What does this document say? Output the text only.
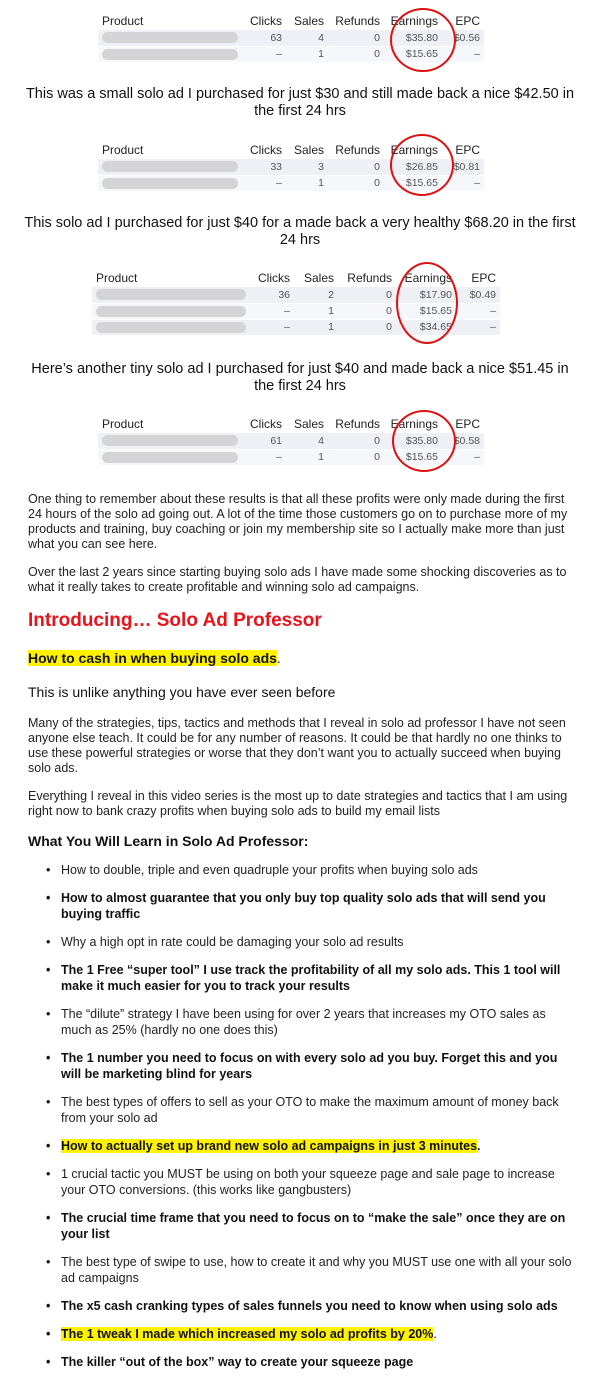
Product	Clicks	Sales	Refunds	Earnings	EPC
	63	4	0	$35.80	$0.56
	–	1	0	$15.65	–
This was a small solo ad I purchased for just $30 and still made back a nice $42.50 in the first 24 hrs
Product	Clicks	Sales	Refunds	Earnings	EPC
	33	3	0	$26.85	$0.81
	–	1	0	$15.65	–
This solo ad I purchased for just $40 for a made back a very healthy $68.20 in the first 24 hrs
Product	Clicks	Sales	Refunds	Earnings	EPC
	36	2	0	$17.90	$0.49
	–	1	0	$15.65	–
	–	1	0	$34.65	–
Here’s another tiny solo ad I purchased for just $40 and made back a nice $51.45 in the first 24 hrs
Product	Clicks	Sales	Refunds	Earnings	EPC
	61	4	0	$35.80	$0.58
	–	1	0	$15.65	–

One thing to remember about these results is that all these profits were only made during the first 24 hours of the solo ad going out. A lot of the time those customers go on to purchase more of my products and training, buy coaching or join my membership site so I actually make more than just what you can see here.

Over the last 2 years since starting buying solo ads I have made some shocking discoveries as to what it really takes to create profitable and winning solo ad campaigns.

Introducing… Solo Ad Professor

How to cash in when buying solo ads.

This is unlike anything you have ever seen before

Many of the strategies, tips, tactics and methods that I reveal in solo ad professor I have not seen anyone else teach. It could be for any number of reasons. It could be that hardly no one thinks to use these powerful strategies or worse that they don’t want you to actually succeed when buying solo ads.

Everything I reveal in this video series is the most up to date strategies and tactics that I am using right now to bank crazy profits when buying solo ads to build my email lists

What You Will Learn in Solo Ad Professor:
• How to double, triple and even quadruple your profits when buying solo ads
• How to almost guarantee that you only buy top quality solo ads that will send you buying traffic
• Why a high opt in rate could be damaging your solo ad results
• The 1 Free “super tool” I use track the profitability of all my solo ads. This 1 tool will make it much easier for you to track your results
• The “dilute” strategy I have been using for over 2 years that increases my OTO sales as much as 25% (hardly no one does this)
• The 1 number you need to focus on with every solo ad you buy. Forget this and you will be marketing blind for years
• The best types of offers to sell as your OTO to make the maximum amount of money back from your solo ad
• How to actually set up brand new solo ad campaigns in just 3 minutes.
• 1 crucial tactic you MUST be using on both your squeeze page and sale page to increase your OTO conversions. (this works like gangbusters)
• The crucial time frame that you need to focus on to “make the sale” once they are on your list
• The best type of swipe to use, how to create it and why you MUST use one with all your solo ad campaigns
• The x5 cash cranking types of sales funnels you need to know when using solo ads
• The 1 tweak I made which increased my solo ad profits by 20%.
• The killer “out of the box” way to create your squeeze page
